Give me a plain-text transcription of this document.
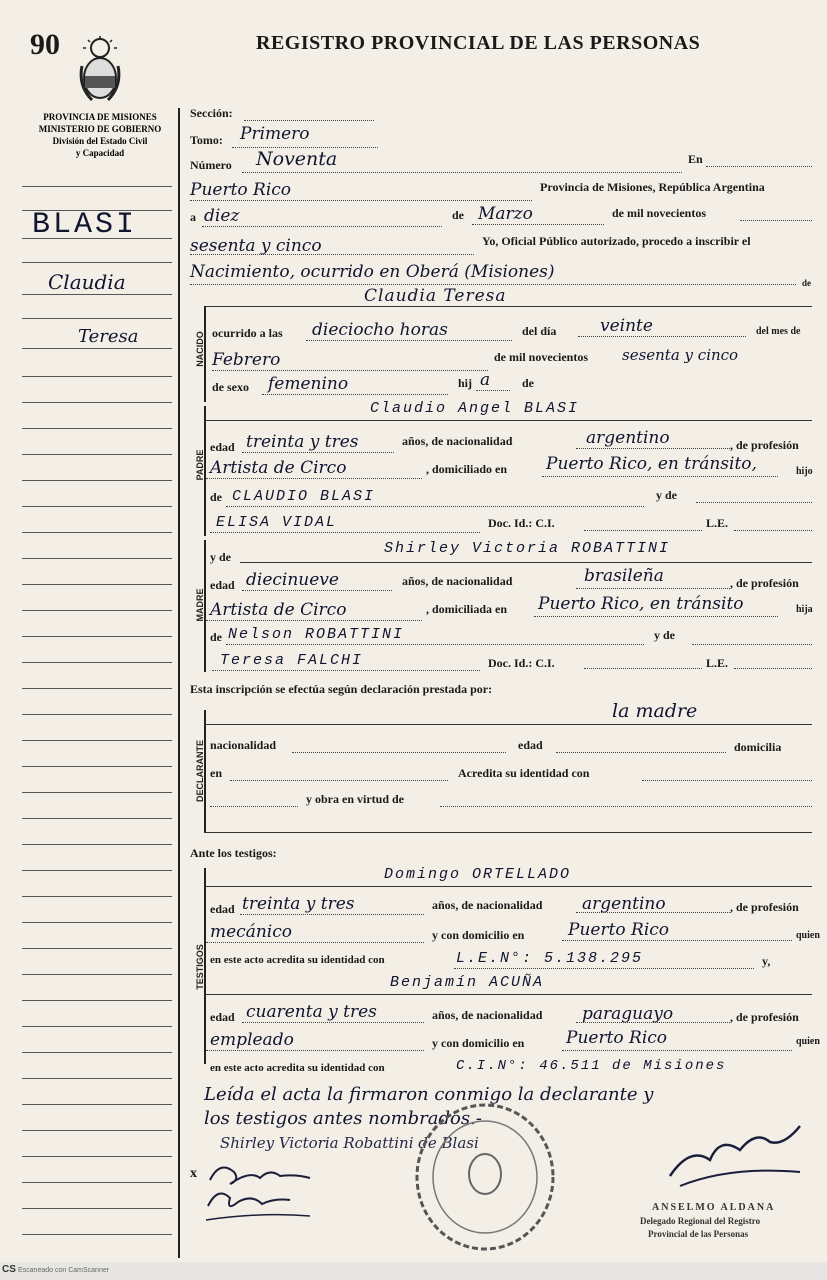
90	REGISTRO PROVINCIAL DE LAS PERSONAS
PROVINCIA DE MISIONES
MINISTERIO DE GOBIERNO
División del Estado Civil
y Capacidad
BLASI
Claudia
Teresa
Sección:
Tomo: Primero
Número Noventa	En
Puerto Rico	Provincia de Misiones, República Argentina
a diez	de Marzo	de mil novecientos
sesenta y cinco	Yo, Oficial Público autorizado, procedo a inscribir el
Nacimiento, ocurrido en Oberá (Misiones)
de
NACIDO
Claudia Teresa
ocurrido a las dieciocho horas	del día	veinte	del mes de
Febrero	de mil novecientos sesenta y cinco
de sexo femenino	hij a	de
PADRE
Claudio Angel BLASI
edad treinta y tres	años, de nacionalidad	argentino	, de profesión
Artista de Circo	, domiciliado en Puerto Rico, en tránsito,	hijo
de CLAUDIO BLASI	y de
ELISA VIDAL	Doc. Id.: C.I.	L.E.
MADRE
y de	Shirley Victoria ROBATTINI
edad diecinueve	años, de nacionalidad	brasileña	, de profesión
Artista de Circo	, domiciliada en Puerto Rico, en tránsito	hija
de Nelson ROBATTINI	y de
Teresa FALCHI	Doc. Id.: C.I.	L.E.
Esta inscripción se efectúa según declaración prestada por:
DECLARANTE
la madre
nacionalidad	edad	domicilia
en	Acredita su identidad con
y obra en virtud de
Ante los testigos:
TESTIGOS
Domingo ORTELLADO
edad treinta y tres	años, de nacionalidad argentino	, de profesión
mecánico	y con domicilio en	Puerto Rico	quien
en este acto acredita su identidad con	L.E.N°: 5.138.295	y,
Benjamín ACUÑA
edad cuarenta y tres	años, de nacionalidad paraguayo	, de profesión
empleado	y con domicilio en Puerto Rico	quien
en este acto acredita su identidad con	C.I.N°: 46.511 de Misiones
Leída el acta la firmaron conmigo la declarante y
los testigos antes nombrados.-
Shirley Victoria Robattini de Blasi
x
ANSELMO ALDANA
Delegado Regional del Registro
Provincial de las Personas
CS Escaneado con CamScanner
